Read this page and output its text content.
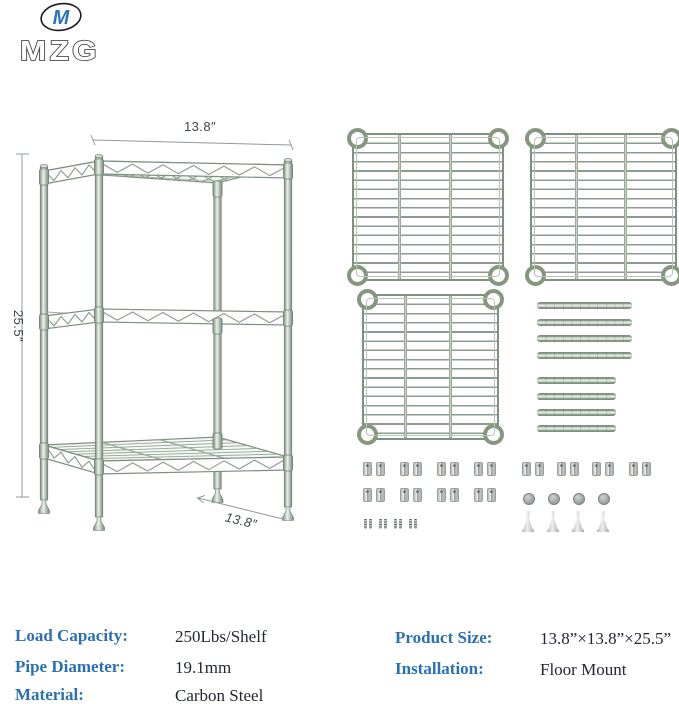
M
MZG
13.8″
25.5″
13.8″
Load Capacity:	250Lbs/Shelf
Pipe Diameter:	19.1mm
Material:	Carbon Steel
Product Size:	13.8”×13.8”×25.5”
Installation:	Floor Mount
